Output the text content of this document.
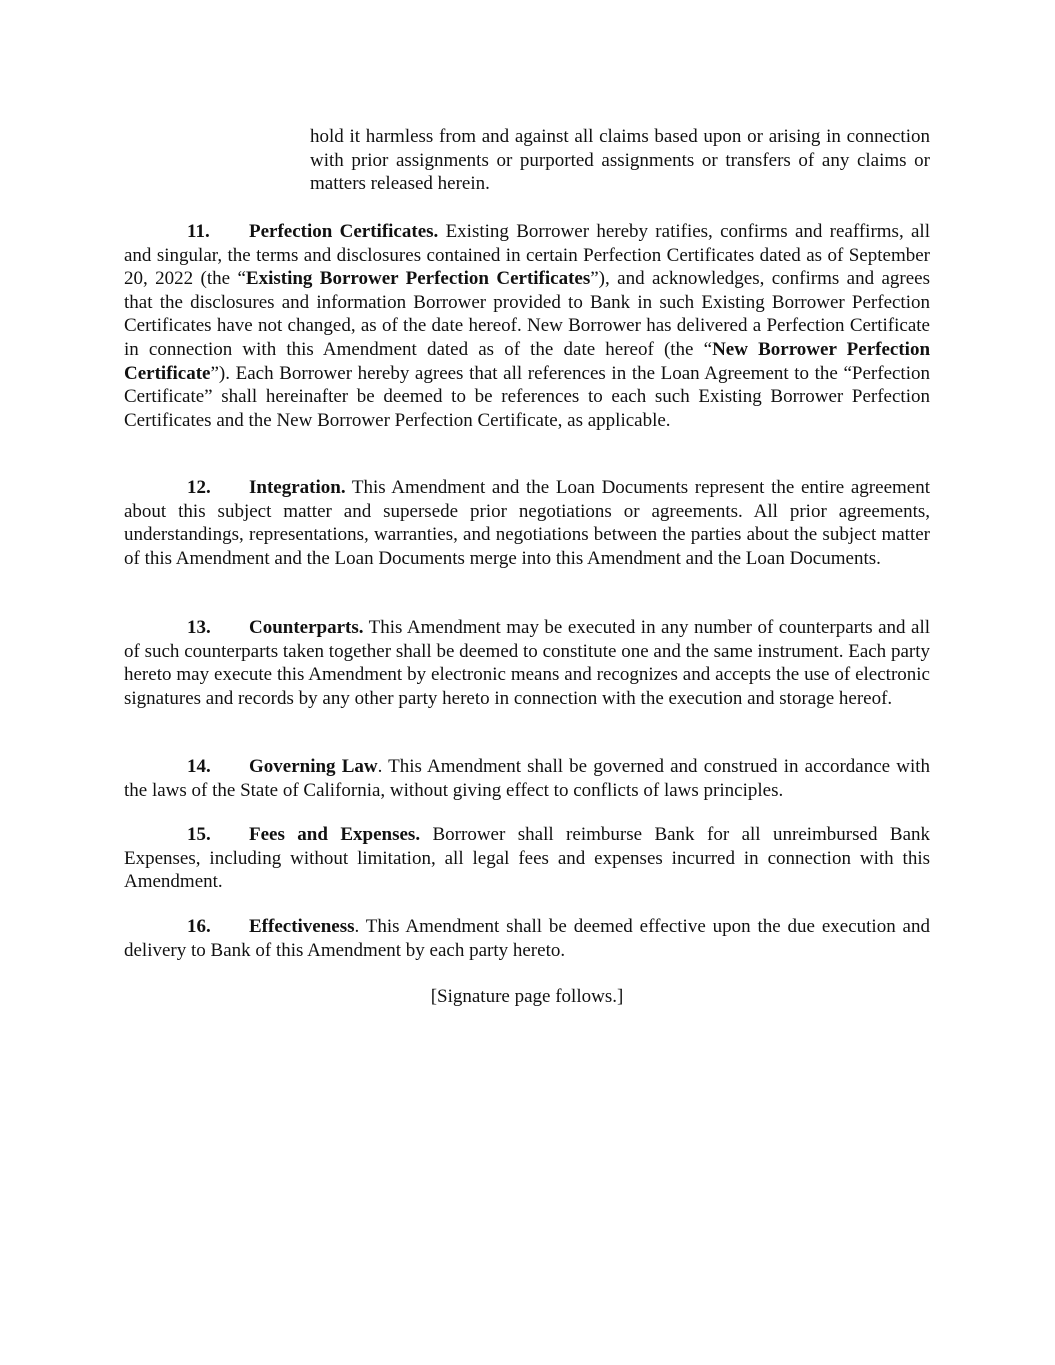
hold it harmless from and against all claims based upon or arising in connection with prior assignments or purported assignments or transfers of any claims or matters released herein.

11. Perfection Certificates. Existing Borrower hereby ratifies, confirms and reaffirms, all and singular, the terms and disclosures contained in certain Perfection Certificates dated as of September 20, 2022 (the “Existing Borrower Perfection Certificates”), and acknowledges, confirms and agrees that the disclosures and information Borrower provided to Bank in such Existing Borrower Perfection Certificates have not changed, as of the date hereof. New Borrower has delivered a Perfection Certificate in connection with this Amendment dated as of the date hereof (the “New Borrower Perfection Certificate”). Each Borrower hereby agrees that all references in the Loan Agreement to the “Perfection Certificate” shall hereinafter be deemed to be references to each such Existing Borrower Perfection Certificates and the New Borrower Perfection Certificate, as applicable.

12. Integration. This Amendment and the Loan Documents represent the entire agreement about this subject matter and supersede prior negotiations or agreements. All prior agreements, understandings, representations, warranties, and negotiations between the parties about the subject matter of this Amendment and the Loan Documents merge into this Amendment and the Loan Documents.

13. Counterparts. This Amendment may be executed in any number of counterparts and all of such counterparts taken together shall be deemed to constitute one and the same instrument. Each party hereto may execute this Amendment by electronic means and recognizes and accepts the use of electronic signatures and records by any other party hereto in connection with the execution and storage hereof.

14. Governing Law. This Amendment shall be governed and construed in accordance with the laws of the State of California, without giving effect to conflicts of laws principles.

15. Fees and Expenses. Borrower shall reimburse Bank for all unreimbursed Bank Expenses, including without limitation, all legal fees and expenses incurred in connection with this Amendment.

16. Effectiveness. This Amendment shall be deemed effective upon the due execution and delivery to Bank of this Amendment by each party hereto.

[Signature page follows.]
